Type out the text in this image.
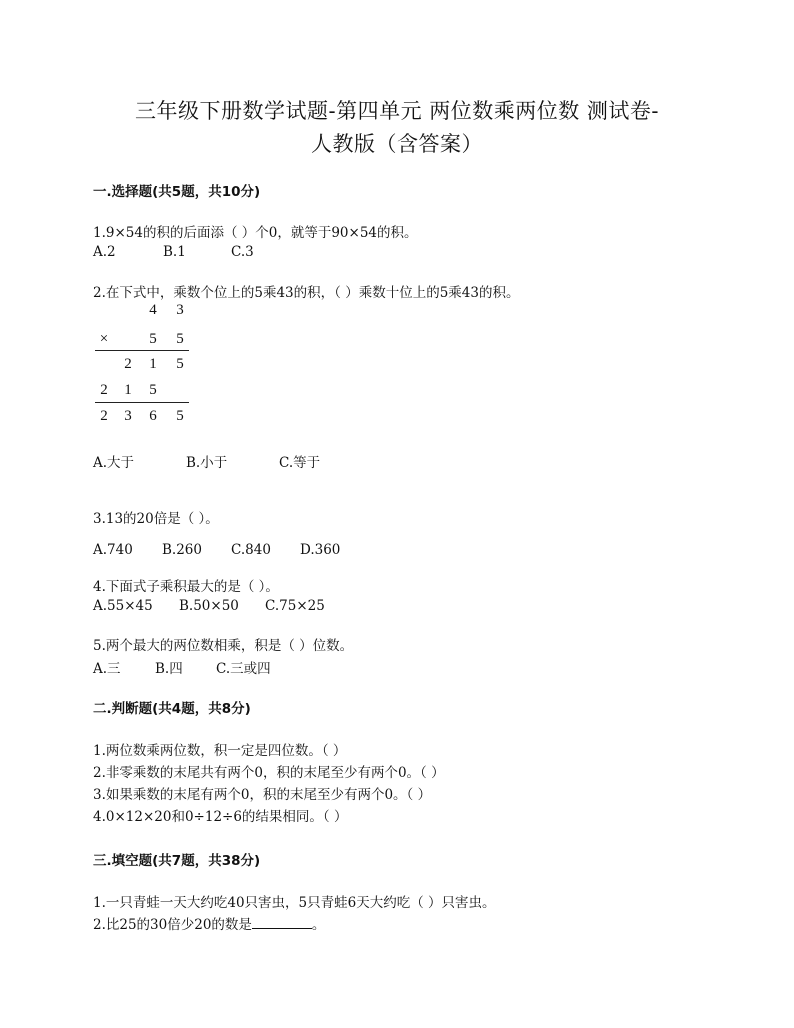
三年级下册数学试题-第四单元 两位数乘两位数 测试卷-
人教版（含答案）
一.选择题(共5题，共10分)
1.9×54的积的后面添（ ）个0，就等于90×54的积。
A.2	B.1	C.3
2.在下式中，乘数个位上的5乘43的积，（ ）乘数十位上的5乘43的积。
4 3
×	5 5
2 1 5
2 1 5
2 3 6 5
A.大于	B.小于	C.等于
3.13的20倍是（ ）。
A.740 B.260 C.840 D.360
4.下面式子乘积最大的是（ ）。
A.55×45 B.50×50 C.75×25
5.两个最大的两位数相乘，积是（ ）位数。
A.三	B.四 C.三或四
二.判断题(共4题，共8分)
1.两位数乘两位数，积一定是四位数。（ ）
2.非零乘数的末尾共有两个0，积的末尾至少有两个0。（ ）
3.如果乘数的末尾有两个0，积的末尾至少有两个0。（ ）
4.0×12×20和0÷12÷6的结果相同。（ ）
三.填空题(共7题，共38分)
1.一只青蛙一天大约吃40只害虫，5只青蛙6天大约吃（ ）只害虫。
2.比25的30倍少20的数是	。
